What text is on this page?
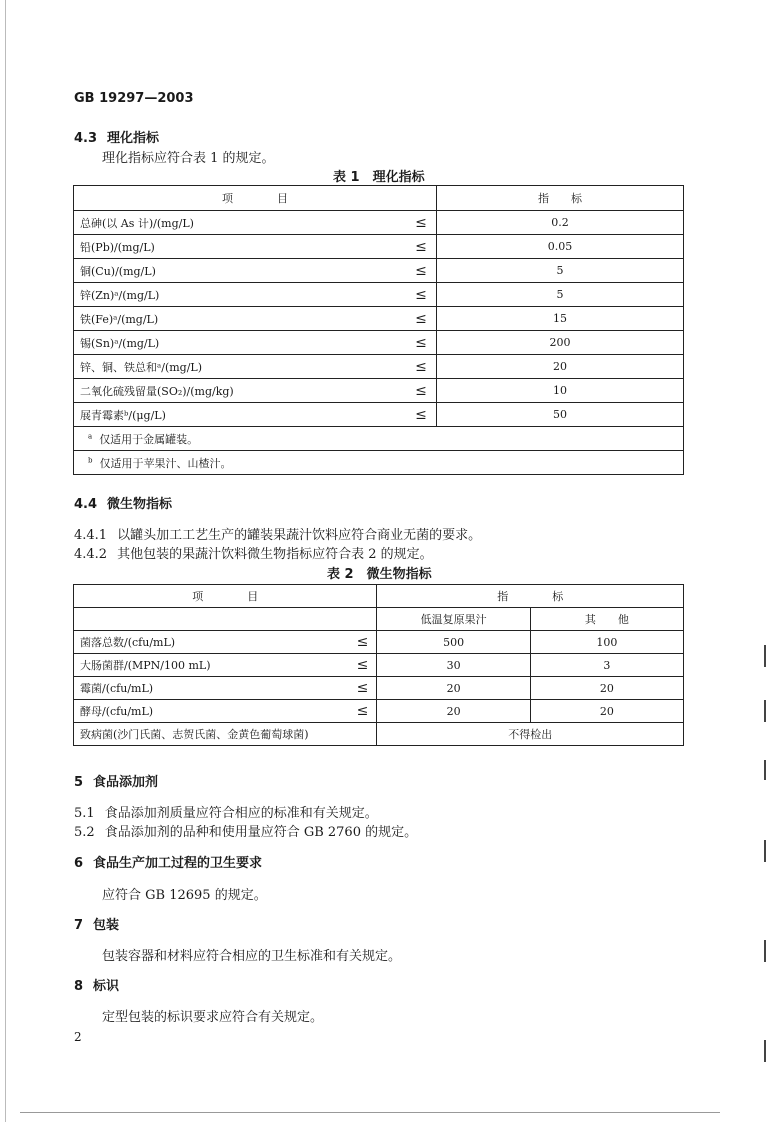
GB 19297—2003
4.3 理化指标
理化指标应符合表 1 的规定。
表 1　理化指标
项　　　　目		指　　标
总砷(以 As 计)/(mg/L)	≤	0.2
铅(Pb)/(mg/L)	≤	0.05
铜(Cu)/(mg/L)	≤	5
锌(Zn)ᵃ/(mg/L)	≤	5
铁(Fe)ᵃ/(mg/L)	≤	15
锡(Sn)ᵃ/(mg/L)	≤	200
锌、铜、铁总和ᵃ/(mg/L)	≤	20
二氧化硫残留量(SO₂)/(mg/kg)	≤	10
展青霉素ᵇ/(μg/L)	≤	50
$^a$ 仅适用于金属罐装。		
$^b$ 仅适用于苹果汁、山楂汁。		
4.4 微生物指标
4.4.1 以罐头加工工艺生产的罐装果蔬汁饮料应符合商业无菌的要求。
4.4.2 其他包装的果蔬汁饮料微生物指标应符合表 2 的规定。
表 2　微生物指标
项　　　　目		指　　　　标	
		低温复原果汁	其　　他
菌落总数/(cfu/mL)	≤	500	100
大肠菌群/(MPN/100 mL)	≤	30	3
霉菌/(cfu/mL)	≤	20	20
酵母/(cfu/mL)	≤	20	20
致病菌(沙门氏菌、志贺氏菌、金黄色葡萄球菌)		不得检出	
5 食品添加剂
5.1 食品添加剂质量应符合相应的标准和有关规定。
5.2 食品添加剂的品种和使用量应符合 GB 2760 的规定。
6 食品生产加工过程的卫生要求
应符合 GB 12695 的规定。
7 包装
包装容器和材料应符合相应的卫生标准和有关规定。
8 标识
定型包装的标识要求应符合有关规定。
2
